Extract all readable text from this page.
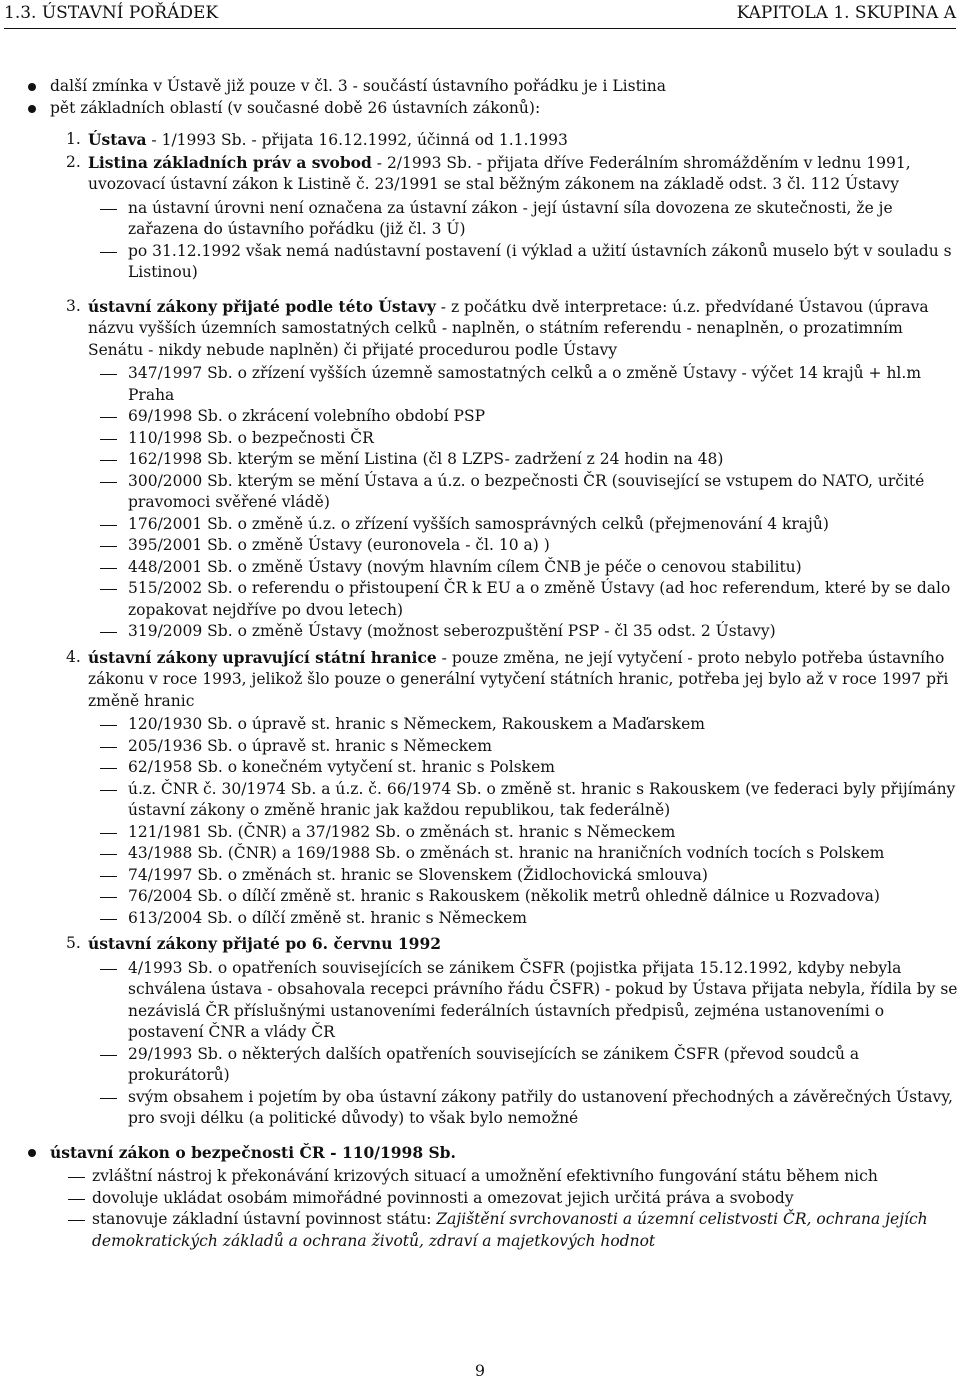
1.3. ÚSTAVNÍ POŘÁDEK	KAPITOLA 1. SKUPINA A
další zmínka v Ústavě již pouze v čl. 3 - součástí ústavního pořádku je i Listina
pět základních oblastí (v současné době 26 ústavních zákonů):
1. Ústava - 1/1993 Sb. - přijata 16.12.1992, účinná od 1.1.1993
2. Listina základních práv a svobod - 2/1993 Sb. - přijata dříve Federálním shromážděním v lednu 1991, uvozovací ústavní zákon k Listině č. 23/1991 se stal běžným zákonem na základě odst. 3 čl. 112 Ústavy
na ústavní úrovni není označena za ústavní zákon - její ústavní síla dovozena ze skutečnosti, že je zařazena do ústavního pořádku (již čl. 3 Ú)
po 31.12.1992 však nemá nadústavní postavení (i výklad a užití ústavních zákonů muselo být v souladu s Listinou)
3. ústavní zákony přijaté podle této Ústavy - z počátku dvě interpretace: ú.z. předvídané Ústavou (úprava názvu vyšších územních samostatných celků - naplněn, o státním referendu - nenaplněn, o prozatimním Senátu - nikdy nebude naplněn) či přijaté procedurou podle Ústavy
347/1997 Sb. o zřízení vyšších územně samostatných celků a o změně Ústavy - výčet 14 krajů + hl.m Praha
69/1998 Sb. o zkrácení volebního období PSP
110/1998 Sb. o bezpečnosti ČR
162/1998 Sb. kterým se mění Listina (čl 8 LZPS- zadržení z 24 hodin na 48)
300/2000 Sb. kterým se mění Ústava a ú.z. o bezpečnosti ČR (související se vstupem do NATO, určité pravomoci svěřené vládě)
176/2001 Sb. o změně ú.z. o zřízení vyšších samosprávných celků (přejmenování 4 krajů)
395/2001 Sb. o změně Ústavy (euronovela - čl. 10 a) )
448/2001 Sb. o změně Ústavy (novým hlavním cílem ČNB je péče o cenovou stabilitu)
515/2002 Sb. o referendu o přistoupení ČR k EU a o změně Ústavy (ad hoc referendum, které by se dalo zopakovat nejdříve po dvou letech)
319/2009 Sb. o změně Ústavy (možnost seberozpuštění PSP - čl 35 odst. 2 Ústavy)
4. ústavní zákony upravující státní hranice - pouze změna, ne její vytyčení - proto nebylo potřeba ústavního zákonu v roce 1993, jelikož šlo pouze o generální vytyčení státních hranic, potřeba jej bylo až v roce 1997 při změně hranic
120/1930 Sb. o úpravě st. hranic s Německem, Rakouskem a Maďarskem
205/1936 Sb. o úpravě st. hranic s Německem
62/1958 Sb. o konečném vytyčení st. hranic s Polskem
ú.z. ČNR č. 30/1974 Sb. a ú.z. č. 66/1974 Sb. o změně st. hranic s Rakouskem (ve federaci byly přijímány ústavní zákony o změně hranic jak každou republikou, tak federálně)
121/1981 Sb. (ČNR) a 37/1982 Sb. o změnách st. hranic s Německem
43/1988 Sb. (ČNR) a 169/1988 Sb. o změnách st. hranic na hraničních vodních tocích s Polskem
74/1997 Sb. o změnách st. hranic se Slovenskem (Židlochovická smlouva)
76/2004 Sb. o dílčí změně st. hranic s Rakouskem (několik metrů ohledně dálnice u Rozvadova)
613/2004 Sb. o dílčí změně st. hranic s Německem
5. ústavní zákony přijaté po 6. červnu 1992
4/1993 Sb. o opatřeních souvisejících se zánikem ČSFR (pojistka přijata 15.12.1992, kdyby nebyla schválena ústava - obsahovala recepci právního řádu ČSFR) - pokud by Ústava přijata nebyla, řídila by se nezávislá ČR příslušnými ustanoveními federálních ústavních předpisů, zejména ustanoveními o postavení ČNR a vlády ČR
29/1993 Sb. o některých dalších opatřeních souvisejících se zánikem ČSFR (převod soudců a prokurátorů)
svým obsahem i pojetím by oba ústavní zákony patřily do ustanovení přechodných a závěrečných Ústavy, pro svoji délku (a politické důvody) to však bylo nemožné
ústavní zákon o bezpečnosti ČR - 110/1998 Sb.
zvláštní nástroj k překonávání krizových situací a umožnění efektivního fungování státu během nich
dovoluje ukládat osobám mimořádné povinnosti a omezovat jejich určitá práva a svobody
stanovuje základní ústavní povinnost státu: Zajištění svrchovanosti a územní celistvosti ČR, ochrana jejích demokratických základů a ochrana životů, zdraví a majetkových hodnot
9
